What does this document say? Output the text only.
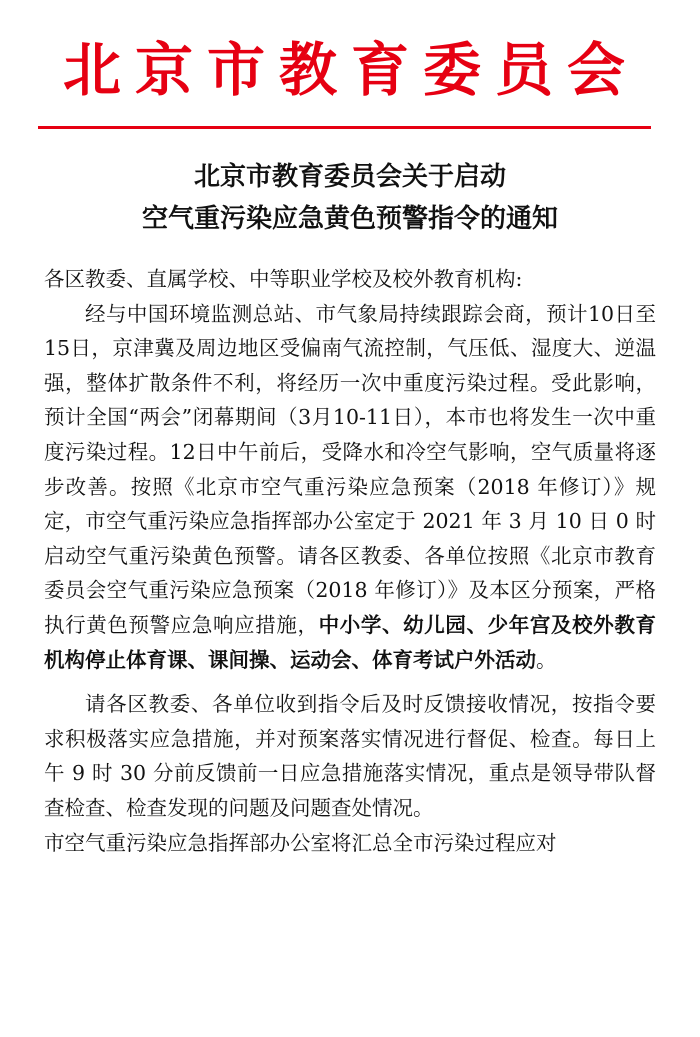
北京市教育委员会
北京市教育委员会关于启动
空气重污染应急黄色预警指令的通知

各区教委、直属学校、中等职业学校及校外教育机构:

经与中国环境监测总站、市气象局持续跟踪会商，预计10日至15日，京津冀及周边地区受偏南气流控制，气压低、湿度大、逆温强，整体扩散条件不利，将经历一次中重度污染过程。受此影响，预计全国“两会”闭幕期间（3月10-11日），本市也将发生一次中重度污染过程。12日中午前后，受降水和冷空气影响，空气质量将逐步改善。按照《北京市空气重污染应急预案（2018 年修订）》规定，市空气重污染应急指挥部办公室定于 2021 年 3 月 10 日 0 时启动空气重污染黄色预警。请各区教委、各单位按照《北京市教育委员会空气重污染应急预案（2018 年修订）》及本区分预案，严格执行黄色预警应急响应措施，中小学、幼儿园、少年宫及校外教育机构停止体育课、课间操、运动会、体育考试户外活动。

请各区教委、各单位收到指令后及时反馈接收情况，按指令要求积极落实应急措施，并对预案落实情况进行督促、检查。每日上午 9 时 30 分前反馈前一日应急措施落实情况，重点是领导带队督查检查、检查发现的问题及问题查处情况。

市空气重污染应急指挥部办公室将汇总全市污染过程应对
